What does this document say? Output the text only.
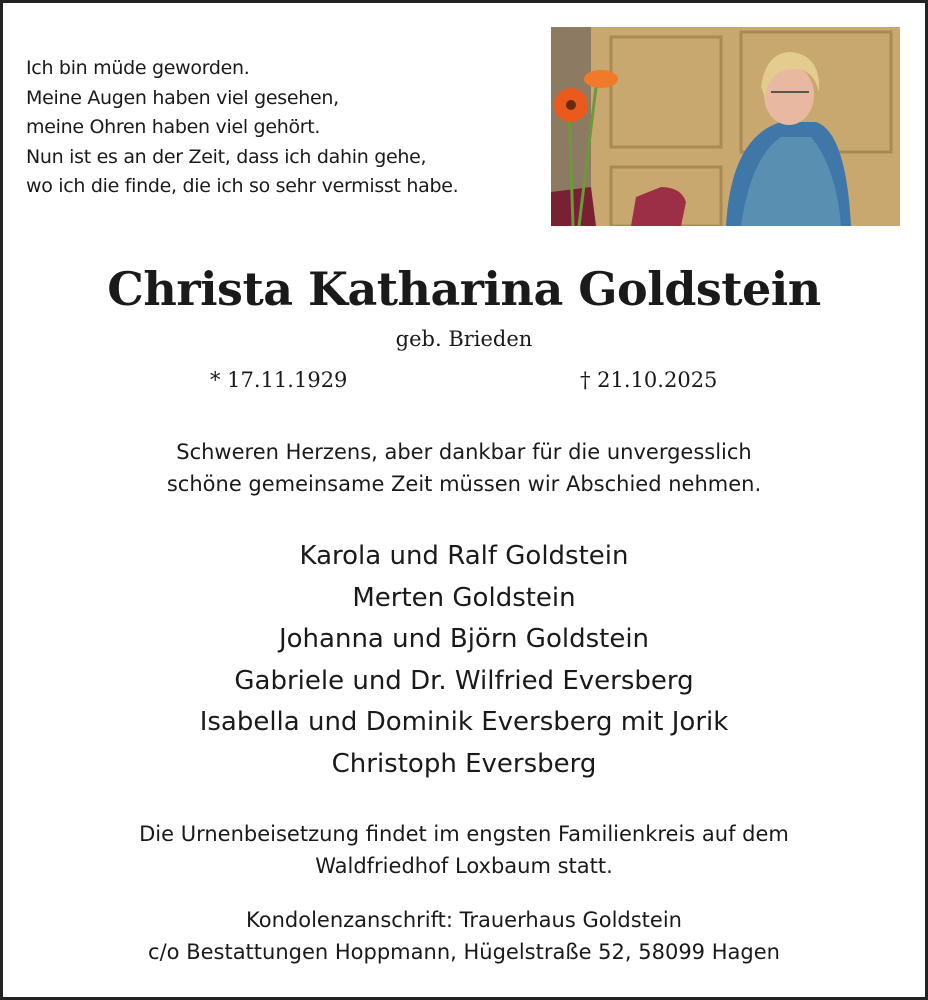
Ich bin müde geworden.
Meine Augen haben viel gesehen,
meine Ohren haben viel gehört.
Nun ist es an der Zeit, dass ich dahin gehe,
wo ich die finde, die ich so sehr vermisst habe.
Christa Katharina Goldstein
geb. Brieden
* 17.11.1929	† 21.10.2025
Schweren Herzens, aber dankbar für die unvergesslich
schöne gemeinsame Zeit müssen wir Abschied nehmen.
Karola und Ralf Goldstein
Merten Goldstein
Johanna und Björn Goldstein
Gabriele und Dr. Wilfried Eversberg
Isabella und Dominik Eversberg mit Jorik
Christoph Eversberg
Die Urnenbeisetzung findet im engsten Familienkreis auf dem
Waldfriedhof Loxbaum statt.
Kondolenzanschrift: Trauerhaus Goldstein
c/o Bestattungen Hoppmann, Hügelstraße 52, 58099 Hagen
